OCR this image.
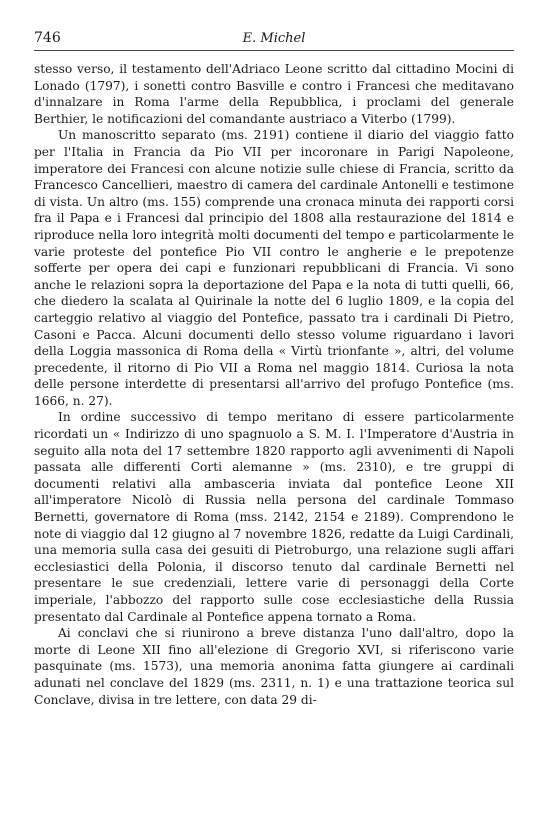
746	E. Michel

stesso verso, il testamento dell'Adriaco Leone scritto dal cittadino Mocini di Lonado (1797), i sonetti contro Basville e contro i Francesi che meditavano d'innalzare in Roma l'arme della Repubblica, i proclami del generale Berthier, le notificazioni del comandante austriaco a Viterbo (1799).

Un manoscritto separato (ms. 2191) contiene il diario del viaggio fatto per l'Italia in Francia da Pio VII per incoronare in Parigi Napoleone, imperatore dei Francesi con alcune notizie sulle chiese di Francia, scritto da Francesco Cancellieri, maestro di camera del cardinale Antonelli e testimone di vista. Un altro (ms. 155) comprende una cronaca minuta dei rapporti corsi fra il Papa e i Francesi dal principio del 1808 alla restaurazione del 1814 e riproduce nella loro integrità molti documenti del tempo e particolarmente le varie proteste del pontefice Pio VII contro le angherie e le prepotenze sofferte per opera dei capi e funzionari repubblicani di Francia. Vi sono anche le relazioni sopra la deportazione del Papa e la nota di tutti quelli, 66, che diedero la scalata al Quirinale la notte del 6 luglio 1809, e la copia del carteggio relativo al viaggio del Pontefice, passato tra i cardinali Di Pietro, Casoni e Pacca. Alcuni documenti dello stesso volume riguardano i lavori della Loggia massonica di Roma della « Virtù trionfante », altri, del volume precedente, il ritorno di Pio VII a Roma nel maggio 1814. Curiosa la nota delle persone interdette di presentarsi all'arrivo del profugo Pontefice (ms. 1666, n. 27).

In ordine successivo di tempo meritano di essere particolarmente ricordati un « Indirizzo di uno spagnuolo a S. M. I. l'Imperatore d'Austria in seguito alla nota del 17 settembre 1820 rapporto agli avvenimenti di Napoli passata alle differenti Corti alemanne » (ms. 2310), e tre gruppi di documenti relativi alla ambasceria inviata dal pontefice Leone XII all'imperatore Nicolò di Russia nella persona del cardinale Tommaso Bernetti, governatore di Roma (mss. 2142, 2154 e 2189). Comprendono le note di viaggio dal 12 giugno al 7 novembre 1826, redatte da Luigi Cardinali, una memoria sulla casa dei gesuiti di Pietroburgo, una relazione sugli affari ecclesiastici della Polonia, il discorso tenuto dal cardinale Bernetti nel presentare le sue credenziali, lettere varie di personaggi della Corte imperiale, l'abbozzo del rapporto sulle cose ecclesiastiche della Russia presentato dal Cardinale al Pontefice appena tornato a Roma.

Ai conclavi che si riunirono a breve distanza l'uno dall'altro, dopo la morte di Leone XII fino all'elezione di Gregorio XVI, si riferiscono varie pasquinate (ms. 1573), una memoria anonima fatta giungere ai cardinali adunati nel conclave del 1829 (ms. 2311, n. 1) e una trattazione teorica sul Conclave, divisa in tre lettere, con data 29 di-
